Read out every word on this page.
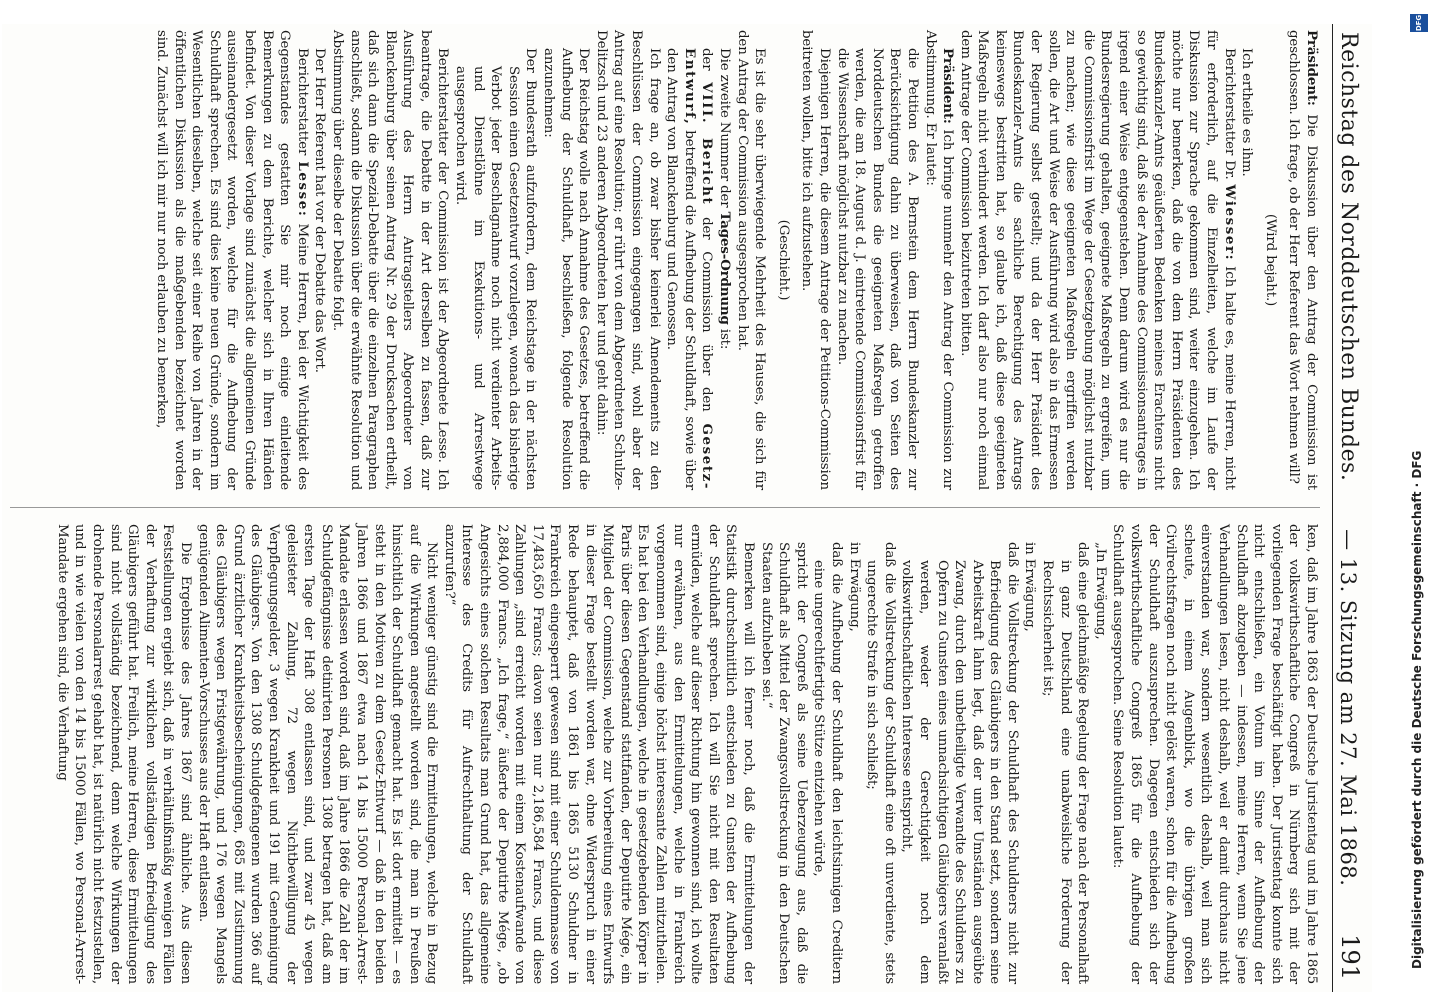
Reichstag des Norddeutschen Bundes.
— 13. Sitzung am 27. Mai 1868.
191

Präsident: Die Diskussion über den Antrag der Commission ist geschlossen. Ich frage, ob der Herr Referent das Wort nehmen will?

(Wird bejaht.)

Ich ertheile es ihm.

Berichterstatter Dr. Wiesser: Ich halte es, meine Herren, nicht für erforderlich, auf die Einzelheiten, welche im Laufe der Diskussion zur Sprache gekommen sind, weiter einzugehen. Ich möchte nur bemerken, daß die von dem Herrn Präsidenten des Bundeskanzler-Amts geäußerten Bedenken meines Erachtens nicht so gewichtig sind, daß sie der Annahme des Commissionsantrages in irgend einer Weise entgegenstehen. Denn darum wird es nur die Bundesregierung gehalten, geeignete Maßregeln zu ergreifen, um die Commissionsfrist im Wege der Gesetzgebung möglichst nutzbar zu machen; wie diese geeigneten Maßregeln ergriffen werden sollen, die Art und Weise der Ausführung wird also in das Ermessen der Regierung selbst gestellt; und da der Herr Präsident des Bundeskanzler-Amts die sachliche Berechtigung des Antrags keineswegs bestritten hat, so glaube ich, daß diese geeigneten Maßregeln nicht verhindert werden. Ich darf also nur noch einmal dem Antrage der Commission beizutreten bitten.

Präsident: Ich bringe nunmehr den Antrag der Commission zur Abstimmung. Er lautet:

die Petition des A. Bernstein dem Herrn Bundeskanzler zur Berücksichtigung dahin zu überweisen, daß von Seiten des Norddeutschen Bundes die geeigneten Maßregeln getroffen werden, die am 18. August d. J. eintretende Commissionsfrist für die Wissenschaft möglichst nutzbar zu machen.

Diejenigen Herren, die diesem Antrage der Petitions-Commission beitreten wollen, bitte ich aufzustehen.

(Geschieht.)

Es ist die sehr überwiegende Mehrheit des Hauses, die sich für den Antrag der Commission ausgesprochen hat.

Die zweite Nummer der Tages-Ordnung ist:

der VIII. Bericht der Commission über den Gesetz-Entwurf, betreffend die Aufhebung der Schuldhaft, sowie über den Antrag von Blanckenburg und Genossen.

Ich frage an, ob zwar bisher keinerlei Amendements zu den Beschlüssen der Commission eingegangen sind, wohl aber der Antrag auf eine Resolution; er rührt von dem Abgeordneten Schulze-Delitzsch und 23 anderen Abgeordneten her und geht dahin:

Der Reichstag wolle nach Annahme des Gesetzes, betreffend die Aufhebung der Schuldhaft, beschließen, folgende Resolution anzunehmen:

Der Bundesrath aufzufordern, dem Reichstage in der nächsten Session einen Gesetzentwurf vorzulegen, wonach das bisherige Verbot jeder Beschlagnahme noch nicht verdienter Arbeits- und Dienstlöhne im Exekutions- und Arrestwege ausgesprochen wird.

Berichterstatter der Commission ist der Abgeordnete Lesse. Ich beantrage, die Debatte in der Art derselben zu fassen, daß zur Ausführung des Herrn Antragstellers Abgeordneter von Blanckenburg über seinen Antrag Nr. 29 der Drucksachen ertheilt, daß sich dann die Spezial-Debatte über die einzelnen Paragraphen anschließt, sodann die Diskussion über die erwähnte Resolution und Abstimmung über dieselbe der Debatte folgt.

Der Herr Referent hat vor der Debatte das Wort.

Berichterstatter Lesse: Meine Herren, bei der Wichtigkeit des Gegenstandes gestatten Sie mir noch einige einleitende Bemerkungen zu dem Berichte, welcher sich in Ihren Händen befindet. Von dieser Vorlage sind zunächst die allgemeinen Gründe auseinandergesetzt worden, welche für die Aufhebung der Schuldhaft sprechen. Es sind dies keine neuen Gründe, sondern im Wesentlichen dieselben, welche seit einer Reihe von Jahren in der öffentlichen Diskussion als die maßgebenden bezeichnet worden sind. Zunächst will ich mir nur noch erlauben zu bemerken,

ken, daß im Jahre 1863 der Deutsche Juristentag und im Jahre 1865 der volkswirthschaftliche Congreß in Nürnberg sich mit der vorliegenden Frage beschäftigt haben. Der Juristentag konnte sich nicht entschließen, ein Votum im Sinne der Aufhebung der Schuldhaft abzugeben — indessen, meine Herren, wenn Sie jene Verhandlungen lesen, nicht deshalb, weil er damit durchaus nicht einverstanden war, sondern wesentlich deshalb, weil man sich scheute, in einem Augenblick, wo die übrigen großen Civilrechtsfragen noch nicht gelöst waren, schon für die Aufhebung der Schuldhaft auszusprechen. Dagegen entschieden sich der volkswirthschaftliche Congreß 1865 für die Aufhebung der Schuldhaft ausgesprochen. Seine Resolution lautet:

„In Erwägung,

daß eine gleichmäßige Regelung der Frage nach der Personalhaft in ganz Deutschland eine unabweisliche Forderung der Rechtssicherheit ist;

in Erwägung,

daß die Vollstreckung der Schuldhaft des Schuldners nicht zur Befriedigung des Gläubigers in den Stand setzt, sondern seine Arbeitskraft lahm legt, daß der unter Umständen ausgeübte Zwang, durch den unbetheiligte Verwandte des Schuldners zu Opfern zu Gunsten eines unnachsichtigen Gläubigers veranlaßt werden, weder der Gerechtigkeit noch dem volkswirthschaftlichen Interesse entspricht,

daß die Vollstreckung der Schuldhaft eine oft unverdiente, stets ungerechte Strafe in sich schließt;

in Erwägung,

daß die Aufhebung der Schuldhaft den leichtsinnigen Creditern eine ungerechtfertigte Stütze entziehen würde,

spricht der Congreß als seine Ueberzeugung aus, daß die Schuldhaft als Mittel der Zwangsvollstreckung in den Deutschen Staaten aufzuheben sei.“

Bemerken will ich ferner noch, daß die Ermittelungen der Statistik durchschnittlich entschieden zu Gunsten der Aufhebung der Schuldhaft sprechen. Ich will Sie nicht mit den Resultaten ermüden, welche auf dieser Richtung hin gewonnen sind, ich wollte nur erwähnen, aus den Ermittelungen, welche in Frankreich vorgenommen sind, einige höchst interessante Zahlen mitzutheilen. Es hat bei den Verhandlungen, welche in gesetzgebenden Körper in Paris über diesen Gegenstand stattfanden, der Deputirte Mége, ein Mitglied der Commission, welche zur Vorbereitung eines Entwurfs in dieser Frage bestellt worden war, ohne Widerspruch in einer Rede behauptet, daß von 1861 bis 1865 5130 Schuldner in Frankreich eingesperrt gewesen sind mit einer Schuldenmasse von 17,483,650 Francs; davon seien nur 2,186,584 Francs, und diese Zahlungen „sind erreicht worden mit einem Kostenaufwande von 2,884,000 Francs. „Ich frage,“ äußerte der Deputirte Mége, „ob Angesichts eines solchen Resultats man Grund hat, das allgemeine Interesse des Credits für Aufrechthaltung der Schuldhaft anzurufen?“

Nicht weniger günstig sind die Ermittelungen, welche in Bezug auf die Wirkungen angestellt worden sind, die man in Preußen hinsichtlich der Schuldhaft gemacht hat. Es ist dort ermittelt — es steht in den Motiven zu dem Gesetz-Entwurf — daß in den beiden Jahren 1866 und 1867 etwa nach 14 bis 15000 Personal-Arrest-Mandate erlassen worden sind, daß im Jahre 1866 die Zahl der im Schuldgefängnisse detinirten Personen 1308 betragen hat, daß am ersten Tage der Haft 308 entlassen sind, und zwar 45 wegen geleisteter Zahlung, 72 wegen Nichtbewilligung der Verpflegungsgelder, 3 wegen Krankheit und 191 mit Genehmigung des Gläubigers. Von den 1308 Schuldgefangenen wurden 366 auf Grund ärztlicher Krankheitsbescheinigungen, 685 mit Zustimmung des Gläubigers wegen Fristgewährung, und 176 wegen Mangels genügenden Alimenten-Vorschusses aus der Haft entlassen.

Die Ergebnisse des Jahres 1867 sind ähnliche. Aus diesen Feststellungen ergiebt sich, daß in verhältnißmäßig wenigen Fällen der Verhaftung zur wirklichen vollständigen Befriedigung des Gläubigers geführt hat. Freilich, meine Herren, diese Ermittelungen sind nicht vollständig bezeichnend, denn welche Wirkungen der drohende Personalarrest gehabt hat, ist natürlich nicht festzustellen, und in wie vielen von den 14 bis 15000 Fällen, wo Personal-Arrest-Mandate ergehen sind, die Verhaftung

DFG
Digitalisierung gefördert durch die Deutsche Forschungsgemeinschaft · DFG
